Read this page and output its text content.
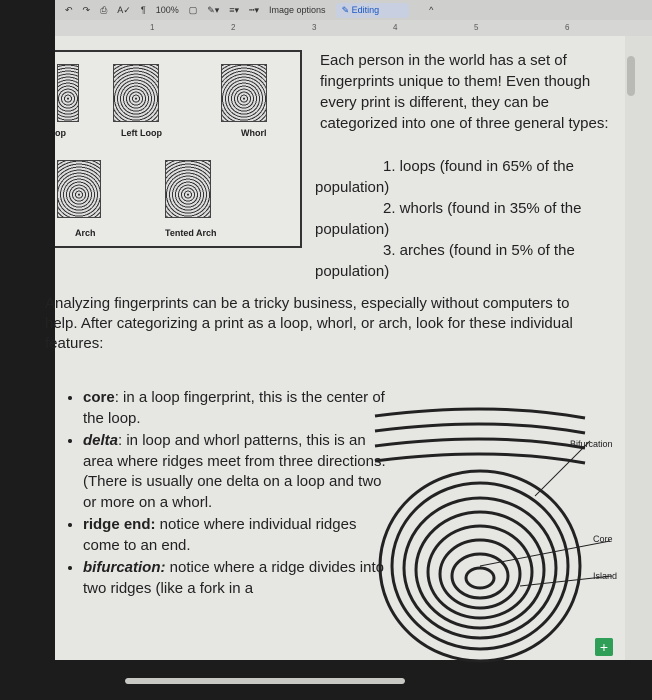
↶ ↷ ⎙ A✓ ¶ 100% ▢ ✎▾ ≡▾ ┅▾ Image options	✎ Editing	^
1	2	3	4	5	6
op	Left Loop	Whorl
Arch	Tented Arch
Each person in the world has a set of fingerprints unique to them! Even though every print is different, they can be categorized into one of three general types:
1. loops (found in 65% of the population)
2. whorls (found in 35% of the population)
3. arches (found in 5% of the population)
Analyzing fingerprints can be a tricky business, especially without computers to help. After categorizing a print as a loop, whorl, or arch, look for these individual features:
• core: in a loop fingerprint, this is the center of the loop.
• delta: in loop and whorl patterns, this is an area where ridges meet from three directions. (There is usually one delta on a loop and two or more on a whorl.
• ridge end: notice where individual ridges come to an end.
• bifurcation: notice where a ridge divides into two ridges (like a fork in a
Bifurcation
Core
Island
+
